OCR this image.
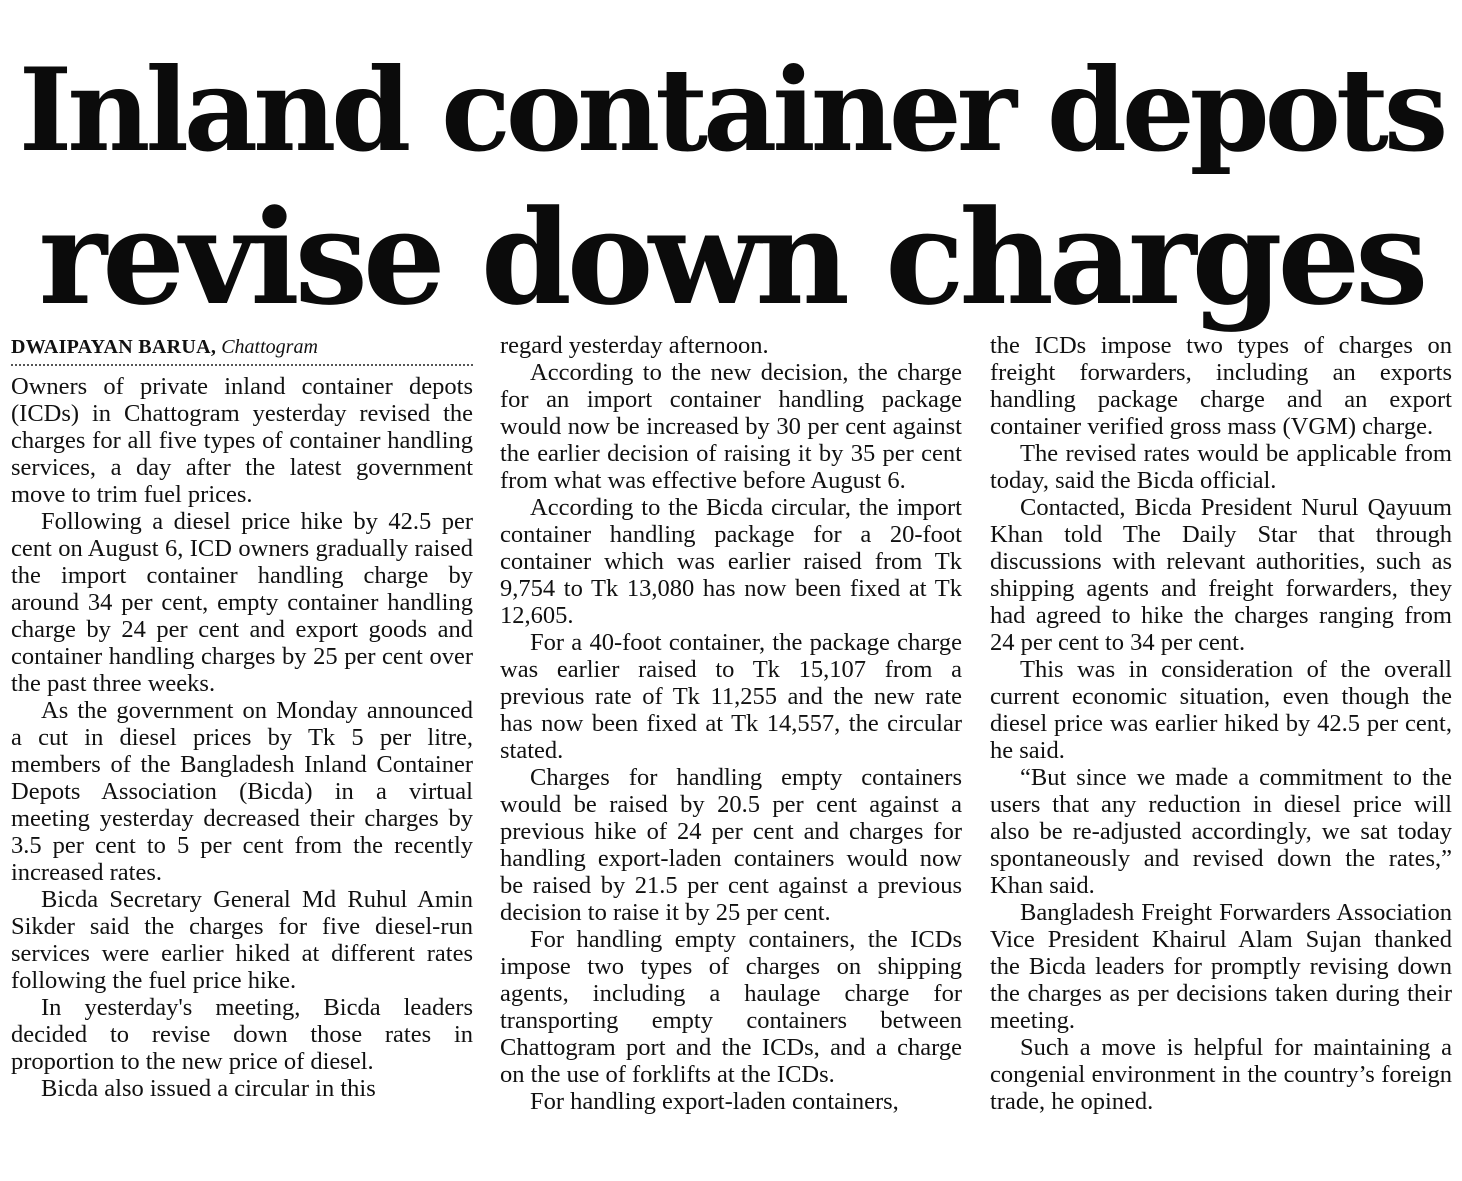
Inland container depots
revise down charges
DWAIPAYAN BARUA, Chattogram

Owners of private inland container depots (ICDs) in Chattogram yesterday revised the charges for all five types of container handling services, a day after the latest government move to trim fuel prices.

Following a diesel price hike by 42.5 per cent on August 6, ICD owners gradually raised the import container handling charge by around 34 per cent, empty container handling charge by 24 per cent and export goods and container handling charges by 25 per cent over the past three weeks.

As the government on Monday announced a cut in diesel prices by Tk 5 per litre, members of the Bangladesh Inland Container Depots Association (Bicda) in a virtual meeting yesterday decreased their charges by 3.5 per cent to 5 per cent from the recently increased rates.

Bicda Secretary General Md Ruhul Amin Sikder said the charges for five diesel-run services were earlier hiked at different rates following the fuel price hike.

In yesterday's meeting, Bicda leaders decided to revise down those rates in proportion to the new price of diesel.

Bicda also issued a circular in this

regard yesterday afternoon.

According to the new decision, the charge for an import container handling package would now be increased by 30 per cent against the earlier decision of raising it by 35 per cent from what was effective before August 6.

According to the Bicda circular, the import container handling package for a 20-foot container which was earlier raised from Tk 9,754 to Tk 13,080 has now been fixed at Tk 12,605.

For a 40-foot container, the package charge was earlier raised to Tk 15,107 from a previous rate of Tk 11,255 and the new rate has now been fixed at Tk 14,557, the circular stated.

Charges for handling empty containers would be raised by 20.5 per cent against a previous hike of 24 per cent and charges for handling export-laden containers would now be raised by 21.5 per cent against a previous decision to raise it by 25 per cent.

For handling empty containers, the ICDs impose two types of charges on shipping agents, including a haulage charge for transporting empty containers between Chattogram port and the ICDs, and a charge on the use of forklifts at the ICDs.

For handling export-laden containers,

the ICDs impose two types of charges on freight forwarders, including an exports handling package charge and an export container verified gross mass (VGM) charge.

The revised rates would be applicable from today, said the Bicda official.

Contacted, Bicda President Nurul Qayuum Khan told The Daily Star that through discussions with relevant authorities, such as shipping agents and freight forwarders, they had agreed to hike the charges ranging from 24 per cent to 34 per cent.

This was in consideration of the overall current economic situation, even though the diesel price was earlier hiked by 42.5 per cent, he said.

“But since we made a commitment to the users that any reduction in diesel price will also be re-adjusted accordingly, we sat today spontaneously and revised down the rates,” Khan said.

Bangladesh Freight Forwarders Association Vice President Khairul Alam Sujan thanked the Bicda leaders for promptly revising down the charges as per decisions taken during their meeting.

Such a move is helpful for maintaining a congenial environment in the country’s foreign trade, he opined.
